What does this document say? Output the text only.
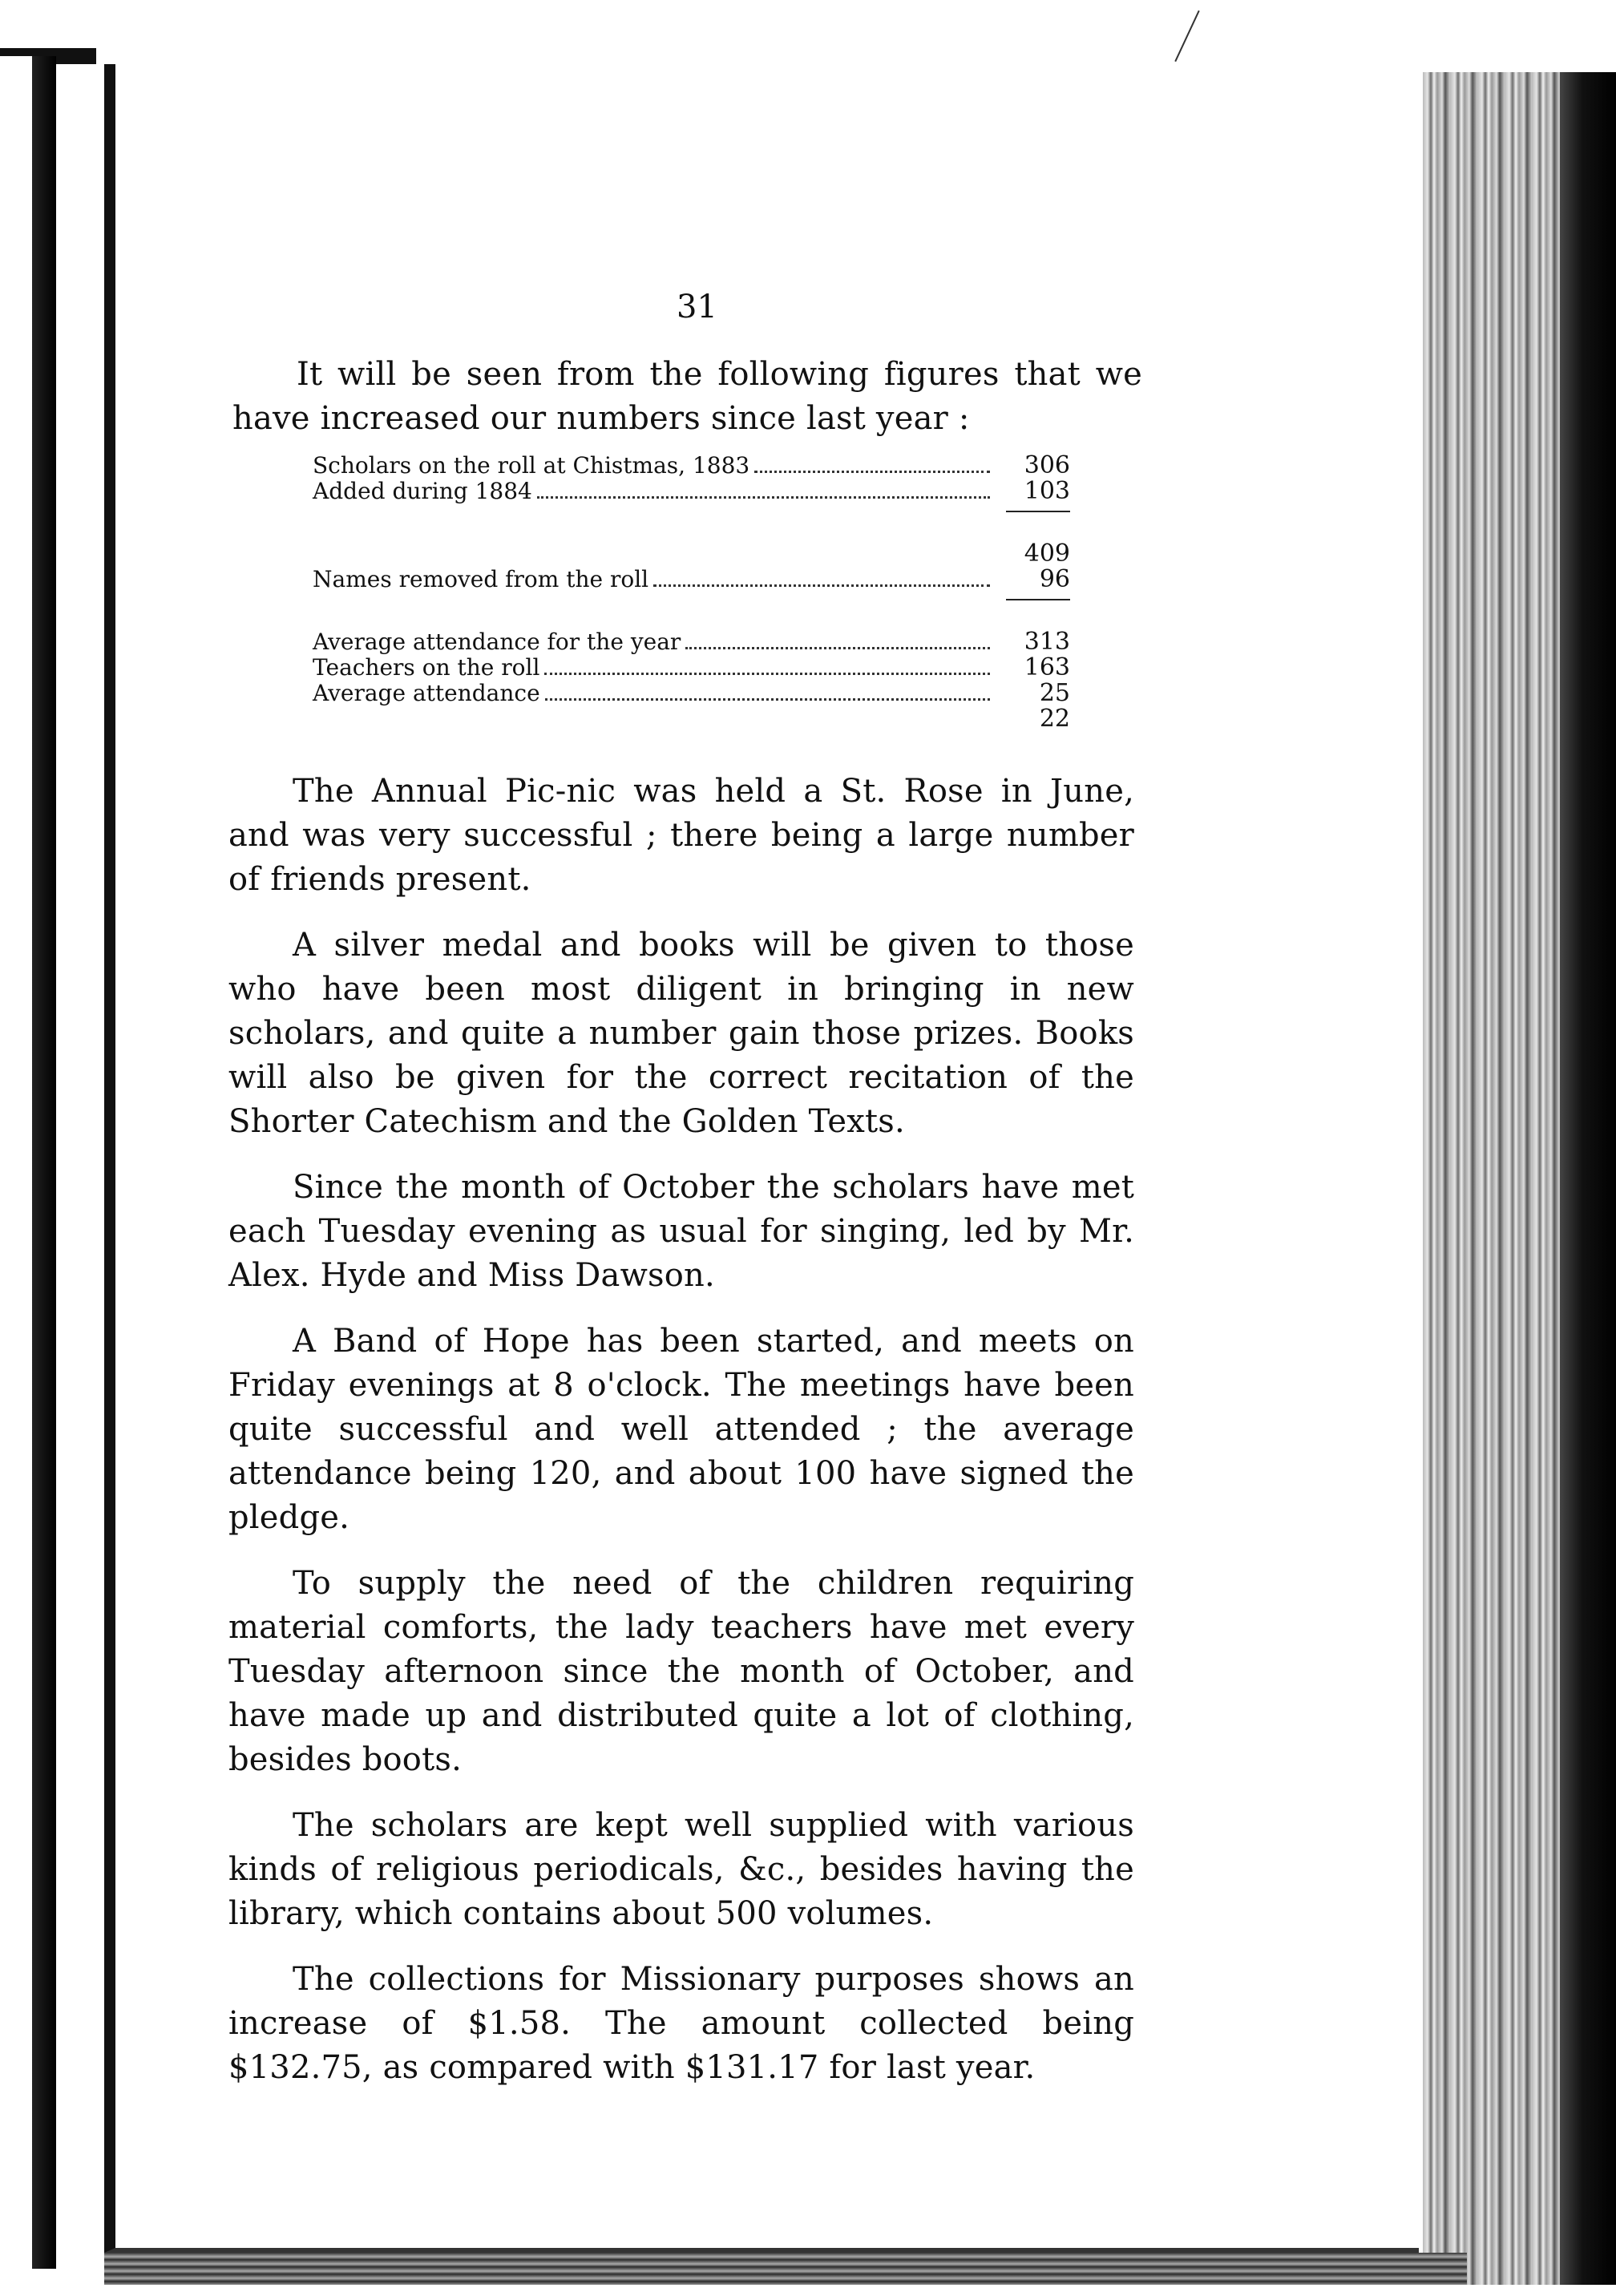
31

It will be seen from the following figures that we have increased our numbers since last year :

Scholars on the roll at Chistmas, 1883	306
Added during 1884	103
409
Names removed from the roll	96
Average attendance for the year	313
Teachers on the roll	163
Average attendance	25
22

The Annual Pic-nic was held a St. Rose in June, and was very successful ; there being a large number of friends present.

A silver medal and books will be given to those who have been most diligent in bringing in new scholars, and quite a number gain those prizes. Books will also be given for the correct recitation of the Shorter Catechism and the Golden Texts.

Since the month of October the scholars have met each Tuesday evening as usual for singing, led by Mr. Alex. Hyde and Miss Dawson.

A Band of Hope has been started, and meets on Friday evenings at 8 o'clock. The meetings have been quite successful and well attended ; the average attendance being 120, and about 100 have signed the pledge.

To supply the need of the children requiring material comforts, the lady teachers have met every Tuesday afternoon since the month of October, and have made up and distributed quite a lot of clothing, besides boots.

The scholars are kept well supplied with various kinds of religious periodicals, &c., besides having the library, which contains about 500 volumes.

The collections for Missionary purposes shows an increase of $1.58. The amount collected being $132.75, as compared with $131.17 for last year.
